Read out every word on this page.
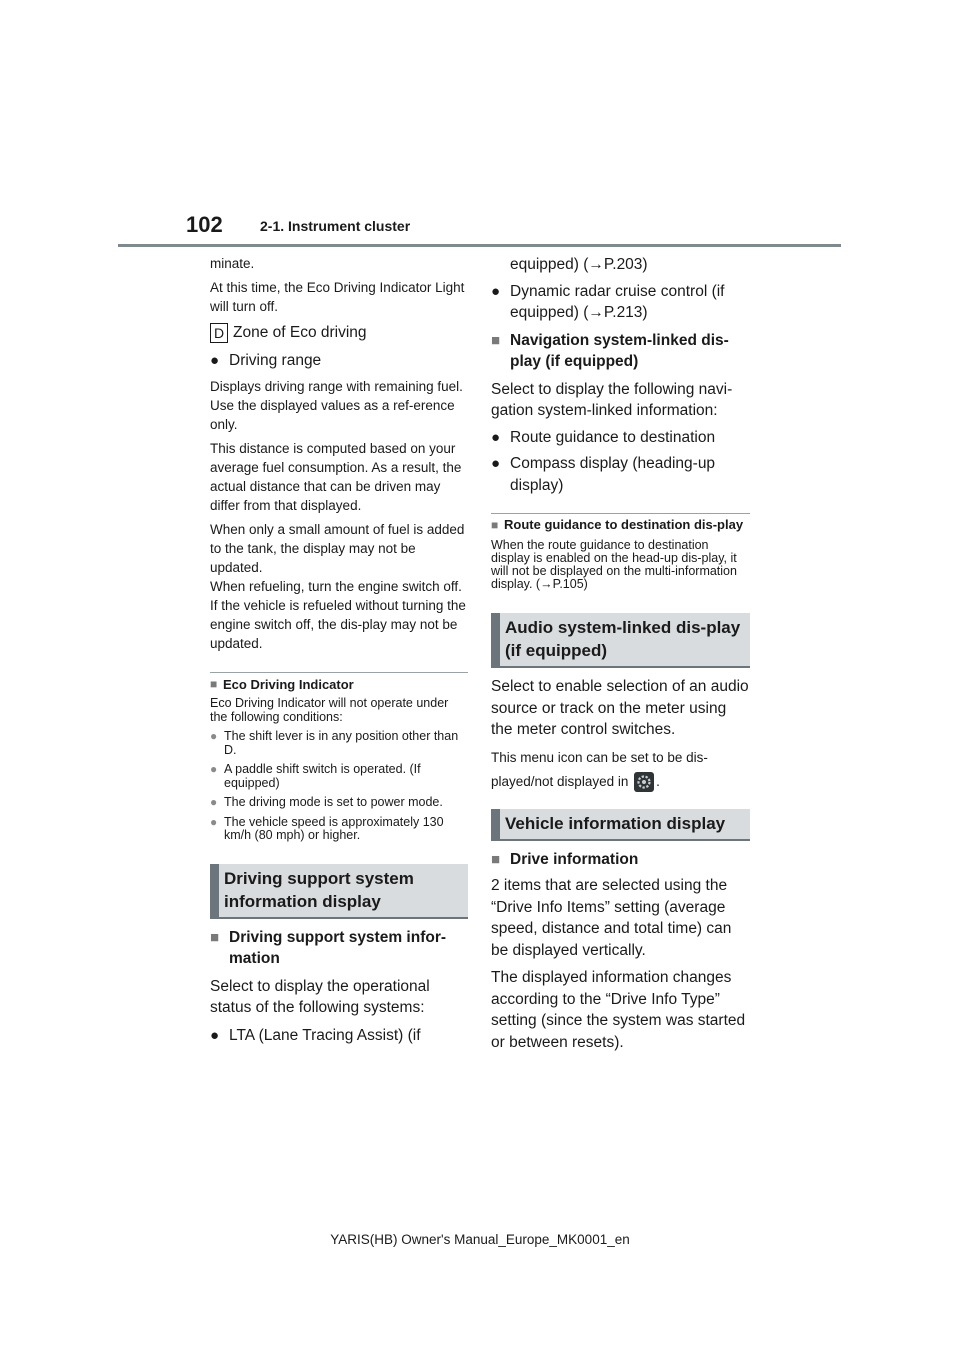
102	2-1. Instrument cluster

minate.

At this time, the Eco Driving Indicator Light will turn off.

D Zone of Eco driving
● Driving range

Displays driving range with remaining fuel. Use the displayed values as a ref-erence only.

This distance is computed based on your average fuel consumption. As a result, the actual distance that can be driven may differ from that displayed.

When only a small amount of fuel is added to the tank, the display may not be updated.

When refueling, turn the engine switch off. If the vehicle is refueled without turning the engine switch off, the dis-play may not be updated.

■ Eco Driving Indicator

Eco Driving Indicator will not operate under the following conditions:

● The shift lever is in any position other than D.
● A paddle shift switch is operated. (If equipped)
● The driving mode is set to power mode.
● The vehicle speed is approximately 130 km/h (80 mph) or higher.
Driving support system information display
■ Driving support system infor-mation

Select to display the operational status of the following systems:

● LTA (Lane Tracing Assist) (if

equipped) (→P.203)

● Dynamic radar cruise control (if equipped) (→P.213)
■ Navigation system-linked dis-play (if equipped)

Select to display the following navi-gation system-linked information:

● Route guidance to destination
● Compass display (heading-up display)
■ Route guidance to destination dis-play

When the route guidance to destination display is enabled on the head-up dis-play, it will not be displayed on the multi-information display. (→P.105)

Audio system-linked dis-play (if equipped)

Select to enable selection of an audio source or track on the meter using the meter control switches.

This menu icon can be set to be dis-

played/not displayed in .

Vehicle information display
■ Drive information

2 items that are selected using the “Drive Info Items” setting (average speed, distance and total time) can be displayed vertically.

The displayed information changes according to the “Drive Info Type” setting (since the system was started or between resets).

YARIS(HB) Owner's Manual_Europe_MK0001_en
